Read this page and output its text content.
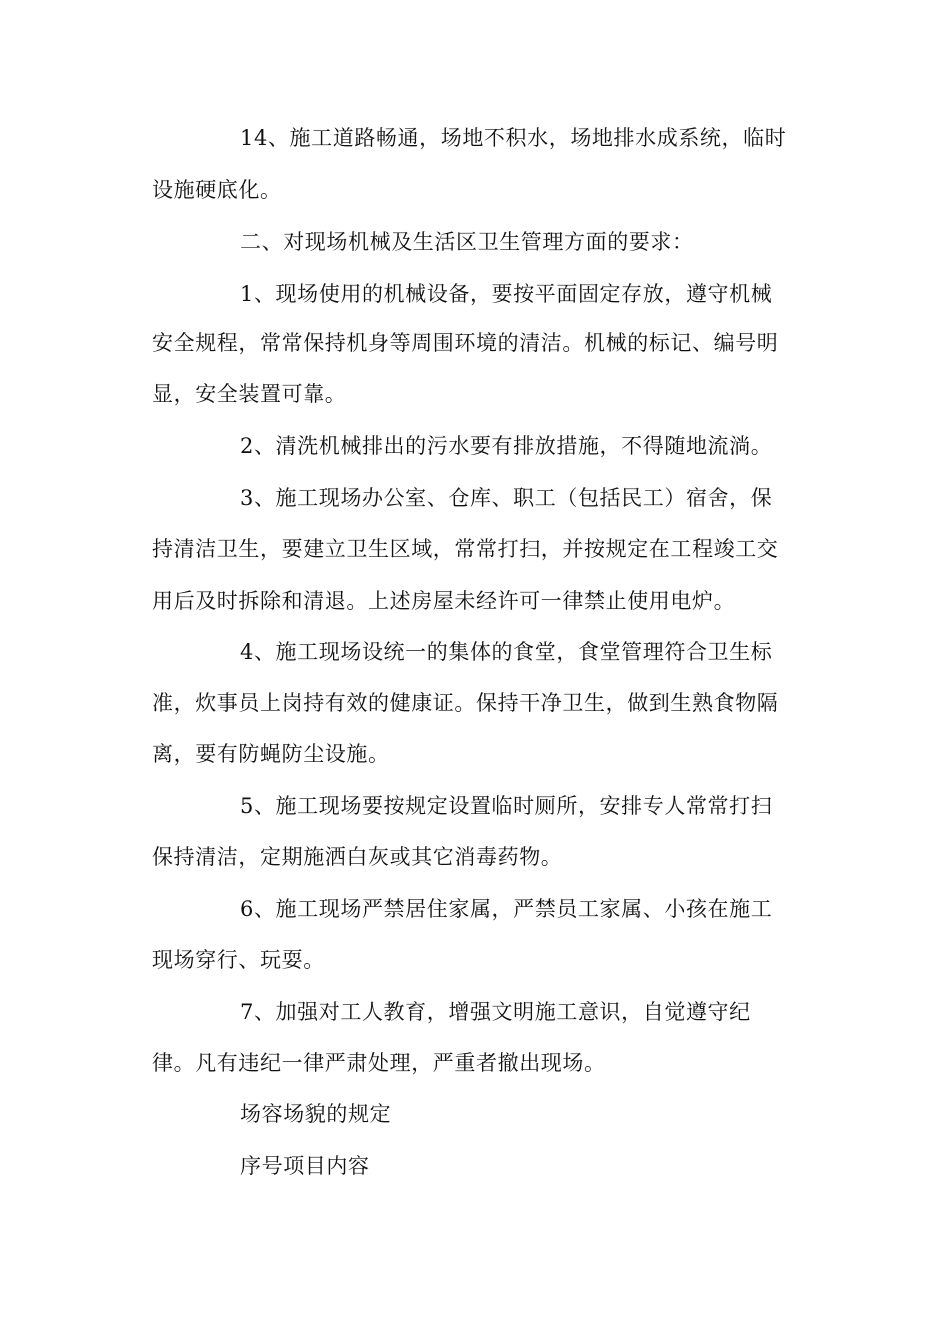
14、施工道路畅通，场地不积水，场地排水成系统，临时
设施硬底化。
二、对现场机械及生活区卫生管理方面的要求：
1、现场使用的机械设备，要按平面固定存放，遵守机械
安全规程，常常保持机身等周围环境的清洁。机械的标记、编号明
显，安全装置可靠。
2、清洗机械排出的污水要有排放措施，不得随地流淌。
3、施工现场办公室、仓库、职工（包括民工）宿舍，保
持清洁卫生，要建立卫生区域，常常打扫，并按规定在工程竣工交
用后及时拆除和清退。上述房屋未经许可一律禁止使用电炉。
4、施工现场设统一的集体的食堂，食堂管理符合卫生标
准，炊事员上岗持有效的健康证。保持干净卫生，做到生熟食物隔
离，要有防蝇防尘设施。
5、施工现场要按规定设置临时厕所，安排专人常常打扫
保持清洁，定期施洒白灰或其它消毒药物。
6、施工现场严禁居住家属，严禁员工家属、小孩在施工
现场穿行、玩耍。
7、加强对工人教育，增强文明施工意识，自觉遵守纪
律。凡有违纪一律严肃处理，严重者撤出现场。
场容场貌的规定
序号项目内容
